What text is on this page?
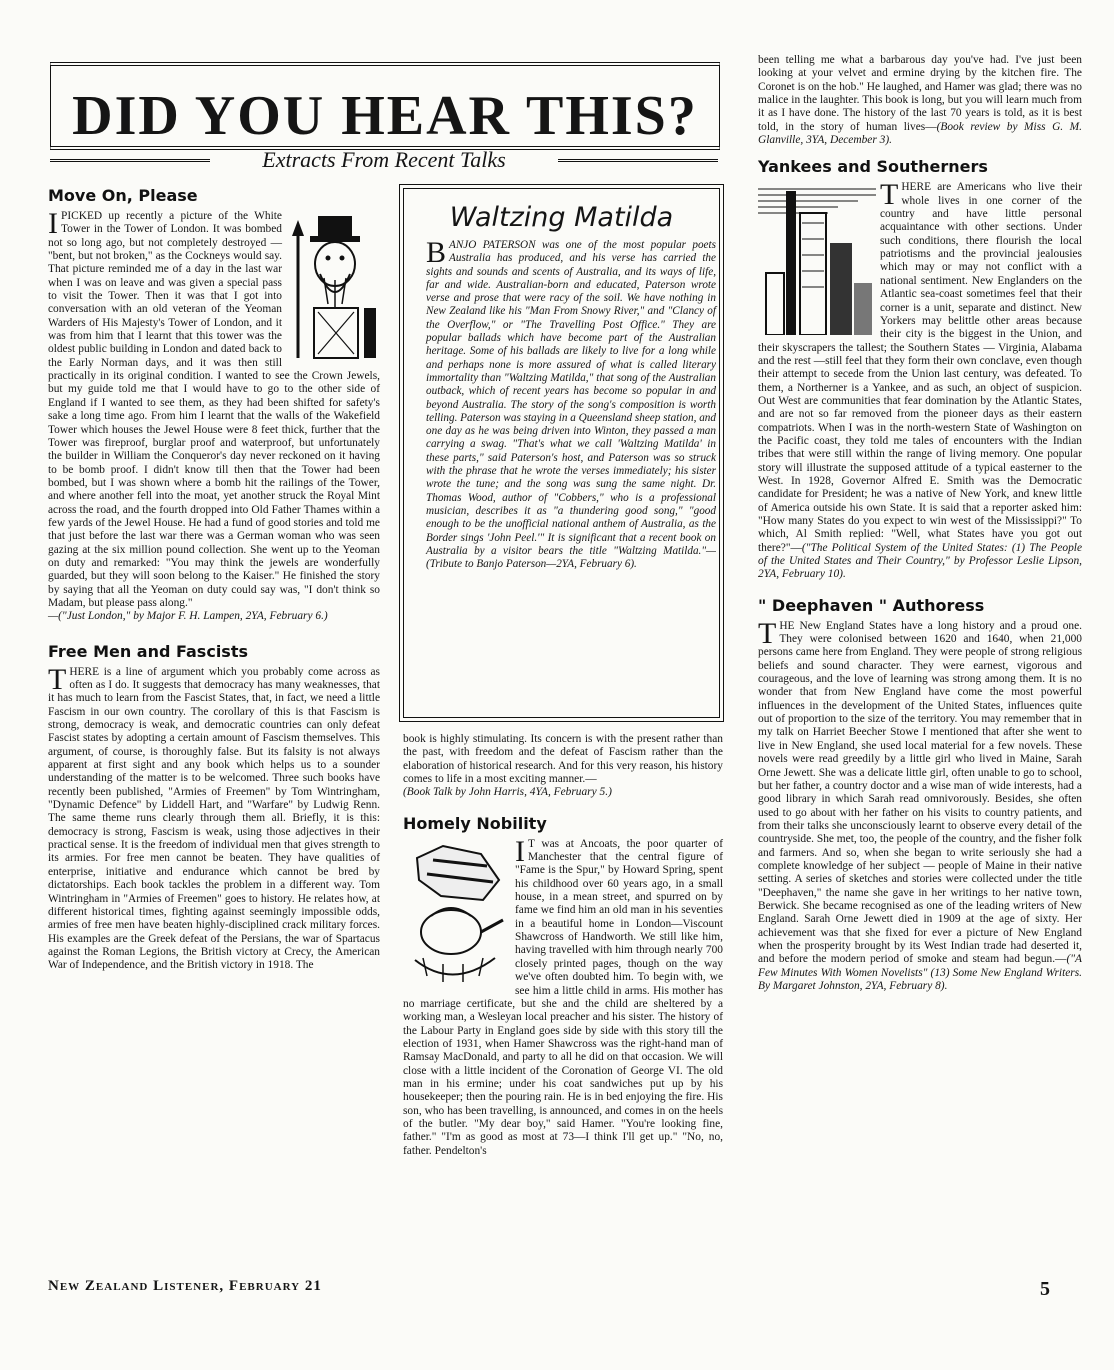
DID YOU HEAR THIS?
Extracts From Recent Talks
Move On, Please

IPICKED up recently a picture of the White Tower in the Tower of London. It was bombed not so long ago, but not completely destroyed — "bent, but not broken," as the Cockneys would say. That picture reminded me of a day in the last war when I was on leave and was given a special pass to visit the Tower. Then it was that I got into conversation with an old veteran of the Yeoman Warders of His Majesty's Tower of London, and it was from him that I learnt that this tower was the oldest public building in London and dated back to the Early Norman days, and it was then still practically in its original condition. I wanted to see the Crown Jewels, but my guide told me that I would have to go to the other side of England if I wanted to see them, as they had been shifted for safety's sake a long time ago. From him I learnt that the walls of the Wakefield Tower which houses the Jewel House were 8 feet thick, further that the Tower was fireproof, burglar proof and waterproof, but unfortunately the builder in William the Conqueror's day never reckoned on it having to be bomb proof. I didn't know till then that the Tower had been bombed, but I was shown where a bomb hit the railings of the Tower, and where another fell into the moat, yet another struck the Royal Mint across the road, and the fourth dropped into Old Father Thames within a few yards of the Jewel House. He had a fund of good stories and told me that just before the last war there was a German woman who was seen gazing at the six million pound collection. She went up to the Yeoman on duty and remarked: "You may think the jewels are wonderfully guarded, but they will soon belong to the Kaiser." He finished the story by saying that all the Yeoman on duty could say was, "I don't think so Madam, but please pass along."

—("Just London," by Major F. H. Lampen, 2YA, February 6.)

Free Men and Fascists

THERE is a line of argument which you probably come across as often as I do. It suggests that democracy has many weaknesses, that it has much to learn from the Fascist States, that, in fact, we need a little Fascism in our own country. The corollary of this is that Fascism is strong, democracy is weak, and democratic countries can only defeat Fascist states by adopting a certain amount of Fascism themselves. This argument, of course, is thoroughly false. But its falsity is not always apparent at first sight and any book which helps us to a sounder understanding of the matter is to be welcomed. Three such books have recently been published, "Armies of Freemen" by Tom Wintringham, "Dynamic Defence" by Liddell Hart, and "Warfare" by Ludwig Renn. The same theme runs clearly through them all. Briefly, it is this: democracy is strong, Fascism is weak, using those adjectives in their practical sense. It is the freedom of individual men that gives strength to its armies. For free men cannot be beaten. They have qualities of enterprise, initiative and endurance which cannot be bred by dictatorships. Each book tackles the problem in a different way. Tom Wintringham in "Armies of Freemen" goes to history. He relates how, at different historical times, fighting against seemingly impossible odds, armies of free men have beaten highly-disciplined crack military forces. His examples are the Greek defeat of the Persians, the war of Spartacus against the Roman Legions, the British victory at Crecy, the American War of Independence, and the British victory in 1918. The

Waltzing Matilda
BANJO PATERSON was one of the most popular poets Australia has produced, and his verse has carried the sights and sounds and scents of Australia, and its ways of life, far and wide. Australian-born and educated, Paterson wrote verse and prose that were racy of the soil. We have nothing in New Zealand like his "Man From Snowy River," and "Clancy of the Overflow," or "The Travelling Post Office." They are popular ballads which have become part of the Australian heritage. Some of his ballads are likely to live for a long while and perhaps none is more assured of what is called literary immortality than "Waltzing Matilda," that song of the Australian outback, which of recent years has become so popular in and beyond Australia. The story of the song's composition is worth telling. Paterson was staying in a Queensland sheep station, and one day as he was being driven into Winton, they passed a man carrying a swag. "That's what we call 'Waltzing Matilda' in these parts," said Paterson's host, and Paterson was so struck with the phrase that he wrote the verses immediately; his sister wrote the tune; and the song was sung the same night. Dr. Thomas Wood, author of "Cobbers," who is a professional musician, describes it as "a thundering good song," "good enough to be the unofficial national anthem of Australia, as the Border sings 'John Peel.'" It is significant that a recent book on Australia by a visitor bears the title "Waltzing Matilda."—(Tribute to Banjo Paterson—2YA, February 6).

book is highly stimulating. Its concern is with the present rather than the past, with freedom and the defeat of Fascism rather than the elaboration of historical research. And for this very reason, his history comes to life in a most exciting manner.—

(Book Talk by John Harris, 4YA, February 5.)

Homely Nobility

I T was at Ancoats, the poor quarter of Manchester that the central figure of "Fame is the Spur," by Howard Spring, spent his childhood over 60 years ago, in a small house, in a mean street, and spurred on by fame we find him an old man in his seventies in a beautiful home in London—Viscount Shawcross of Handworth. We still like him, having travelled with him through nearly 700 closely printed pages, though on the way we've often doubted him. To begin with, we see him a little child in arms. His mother has no marriage certificate, but she and the child are sheltered by a working man, a Wesleyan local preacher and his sister. The history of the Labour Party in England goes side by side with this story till the election of 1931, when Hamer Shawcross was the right-hand man of Ramsay MacDonald, and party to all he did on that occasion. We will close with a little incident of the Coronation of George VI. The old man in his ermine; under his coat sandwiches put up by his housekeeper; then the pouring rain. He is in bed enjoying the fire. His son, who has been travelling, is announced, and comes in on the heels of the butler. "My dear boy," said Hamer. "You're looking fine, father." "I'm as good as most at 73—I think I'll get up." "No, no, father. Pendelton's

been telling me what a barbarous day you've had. I've just been looking at your velvet and ermine drying by the kitchen fire. The Coronet is on the hob." He laughed, and Hamer was glad; there was no malice in the laughter. This book is long, but you will learn much from it as I have done. The history of the last 70 years is told, as it is best told, in the story of human lives—(Book review by Miss G. M. Glanville, 3YA, December 3).

Yankees and Southerners

THERE are Americans who live their whole lives in one corner of the country and have little personal acquaintance with other sections. Under such conditions, there flourish the local patriotisms and the provincial jealousies which may or may not conflict with a national sentiment. New Englanders on the Atlantic sea-coast sometimes feel that their corner is a unit, separate and distinct. New Yorkers may belittle other areas because their city is the biggest in the Union, and their skyscrapers the tallest; the Southern States — Virginia, Alabama and the rest —still feel that they form their own conclave, even though their attempt to secede from the Union last century, was defeated. To them, a Northerner is a Yankee, and as such, an object of suspicion. Out West are communities that fear domination by the Atlantic States, and are not so far removed from the pioneer days as their eastern compatriots. When I was in the north-western State of Washington on the Pacific coast, they told me tales of encounters with the Indian tribes that were still within the range of living memory. One popular story will illustrate the supposed attitude of a typical easterner to the West. In 1928, Governor Alfred E. Smith was the Democratic candidate for President; he was a native of New York, and knew little of America outside his own State. It is said that a reporter asked him: "How many States do you expect to win west of the Mississippi?" To which, Al Smith replied: "Well, what States have you got out there?"—("The Political System of the United States: (1) The People of the United States and Their Country," by Professor Leslie Lipson, 2YA, February 10).

" Deephaven " Authoress

THE New England States have a long history and a proud one. They were colonised between 1620 and 1640, when 21,000 persons came here from England. They were people of strong religious beliefs and sound character. They were earnest, vigorous and courageous, and the love of learning was strong among them. It is no wonder that from New England have come the most powerful influences in the development of the United States, influences quite out of proportion to the size of the territory. You may remember that in my talk on Harriet Beecher Stowe I mentioned that after she went to live in New England, she used local material for a few novels. These novels were read greedily by a little girl who lived in Maine, Sarah Orne Jewett. She was a delicate little girl, often unable to go to school, but her father, a country doctor and a wise man of wide interests, had a good library in which Sarah read omnivorously. Besides, she often used to go about with her father on his visits to country patients, and from their talks she unconsciously learnt to observe every detail of the countryside. She met, too, the people of the country, and the fisher folk and farmers. And so, when she began to write seriously she had a complete knowledge of her subject — people of Maine in their native setting. A series of sketches and stories were collected under the title "Deephaven," the name she gave in her writings to her native town, Berwick. She became recognised as one of the leading writers of New England. Sarah Orne Jewett died in 1909 at the age of sixty. Her achievement was that she fixed for ever a picture of New England when the prosperity brought by its West Indian trade had deserted it, and before the modern period of smoke and steam had begun.—("A Few Minutes With Women Novelists" (13) Some New England Writers. By Margaret Johnston, 2YA, February 8).

New Zealand Listener, February 21	5
